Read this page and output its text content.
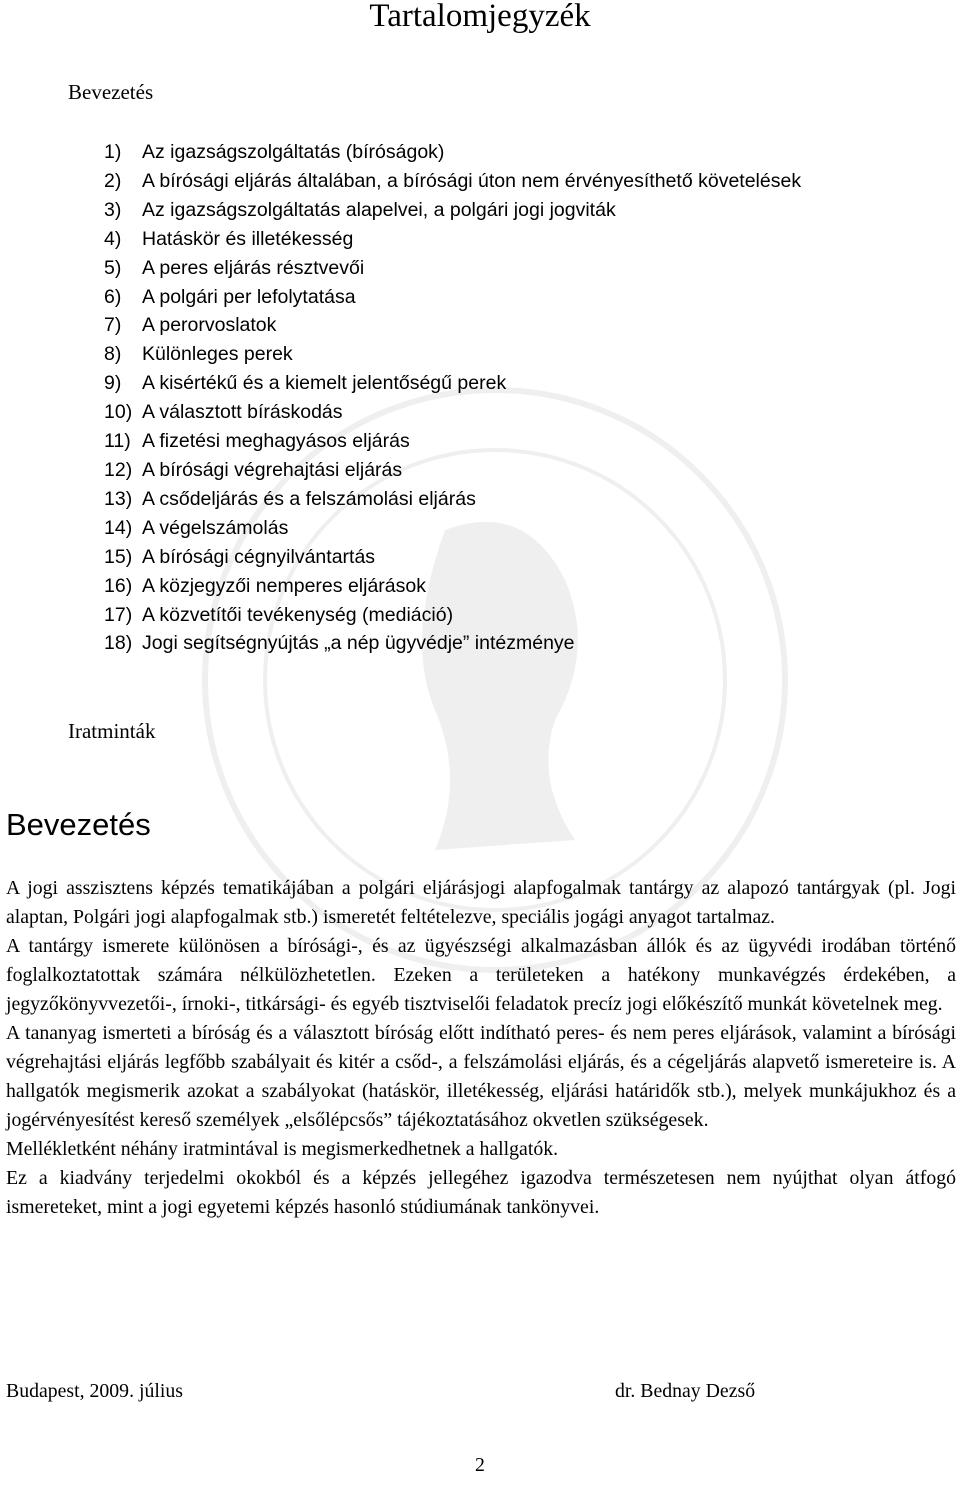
Tartalomjegyzék
Bevezetés
1)	Az igazságszolgáltatás (bíróságok)
2)	A bírósági eljárás általában, a bírósági úton nem érvényesíthető követelések
3)	Az igazságszolgáltatás alapelvei, a polgári jogi jogviták
4)	Hatáskör és illetékesség
5)	A peres eljárás résztvevői
6)	A polgári per lefolytatása
7)	A perorvoslatok
8)	Különleges perek
9)	A kisértékű és a kiemelt jelentőségű perek
10) A választott bíráskodás
11) A fizetési meghagyásos eljárás
12) A bírósági végrehajtási eljárás
13) A csődeljárás és a felszámolási eljárás
14) A végelszámolás
15) A bírósági cégnyilvántartás
16) A közjegyzői nemperes eljárások
17) A közvetítői tevékenység (mediáció)
18) Jogi segítségnyújtás „a nép ügyvédje” intézménye
Iratminták
Bevezetés

A jogi asszisztens képzés tematikájában a polgári eljárásjogi alapfogalmak tantárgy az alapozó tantárgyak (pl. Jogi alaptan, Polgári jogi alapfogalmak stb.) ismeretét feltételezve, speciális jogági anyagot tartalmaz.

A tantárgy ismerete különösen a bírósági-, és az ügyészségi alkalmazásban állók és az ügyvédi irodában történő foglalkoztatottak számára nélkülözhetetlen. Ezeken a területeken a hatékony munkavégzés érdekében, a jegyzőkönyvvezetői-, írnoki-, titkársági- és egyéb tisztviselői feladatok precíz jogi előkészítő munkát követelnek meg.

A tananyag ismerteti a bíróság és a választott bíróság előtt indítható peres- és nem peres eljárások, valamint a bírósági végrehajtási eljárás legfőbb szabályait és kitér a csőd-, a felszámolási eljárás, és a cégeljárás alapvető ismereteire is. A hallgatók megismerik azokat a szabályokat (hatáskör, illetékesség, eljárási határidők stb.), melyek munkájukhoz és a jogérvényesítést kereső személyek „elsőlépcsős” tájékoztatásához okvetlen szükségesek.

Mellékletként néhány iratmintával is megismerkedhetnek a hallgatók.

Ez a kiadvány terjedelmi okokból és a képzés jellegéhez igazodva természetesen nem nyújthat olyan átfogó ismereteket, mint a jogi egyetemi képzés hasonló stúdiumának tankönyvei.

Budapest, 2009. július	dr. Bednay Dezső
2
